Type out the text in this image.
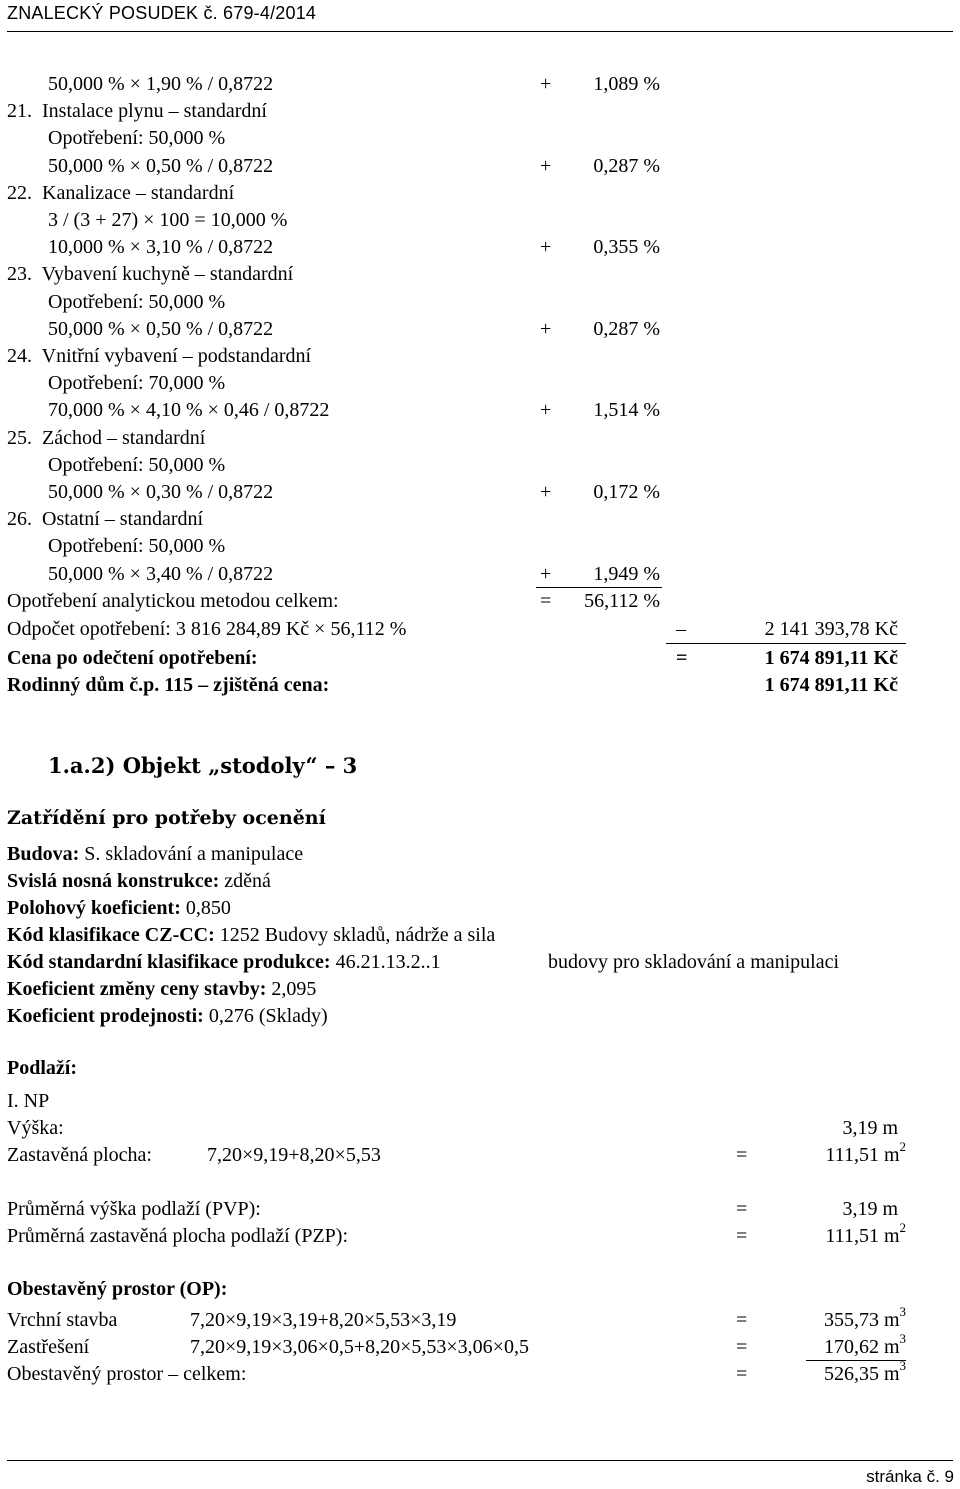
ZNALECKÝ POSUDEK č. 679-4/2014
50,000 % × 1,90 % / 0,8722	+	1,089 %
21.  Instalace plynu – standardní
Opotřebení: 50,000 %
50,000 % × 0,50 % / 0,8722	+	0,287 %
22.  Kanalizace – standardní
3 / (3 + 27) × 100 = 10,000 %
10,000 % × 3,10 % / 0,8722	+	0,355 %
23.  Vybavení kuchyně – standardní
Opotřebení: 50,000 %
50,000 % × 0,50 % / 0,8722	+	0,287 %
24.  Vnitřní vybavení – podstandardní
Opotřebení: 70,000 %
70,000 % × 4,10 % × 0,46 / 0,8722	+	1,514 %
25.  Záchod – standardní
Opotřebení: 50,000 %
50,000 % × 0,30 % / 0,8722	+	0,172 %
26.  Ostatní – standardní
Opotřebení: 50,000 %
50,000 % × 3,40 % / 0,8722	+	1,949 %
Opotřebení analytickou metodou celkem:	=	56,112 %
Odpočet opotřebení: 3 816 284,89 Kč × 56,112 %	–	2 141 393,78 Kč
Cena po odečtení opotřebení:	=	1 674 891,11 Kč
Rodinný dům č.p. 115 – zjištěná cena:	1 674 891,11 Kč
1.a.2) Objekt „stodoly“ – 3
Zatřídění pro potřeby ocenění
Budova: S. skladování a manipulace
Svislá nosná konstrukce: zděná
Polohový koeficient: 0,850
Kód klasifikace CZ-CC: 1252 Budovy skladů, nádrže a sila
Kód standardní klasifikace produkce: 46.21.13.2..1	budovy pro skladování a manipulaci
Koeficient změny ceny stavby: 2,095
Koeficient prodejnosti: 0,276 (Sklady)
Podlaží:
I. NP
Výška:	3,19 m
Zastavěná plocha:	7,20×9,19+8,20×5,53	=	111,51 $m^2$
Průměrná výška podlaží (PVP):	=	3,19 m
Průměrná zastavěná plocha podlaží (PZP):	=	111,51 $m^2$
Obestavěný prostor (OP):
Vrchní stavba	7,20×9,19×3,19+8,20×5,53×3,19	=	355,73 $m^3$
Zastřešení	7,20×9,19×3,06×0,5+8,20×5,53×3,06×0,5	=	170,62 $m^3$
Obestavěný prostor – celkem:	=	526,35 $m^3$
stránka č. 9
